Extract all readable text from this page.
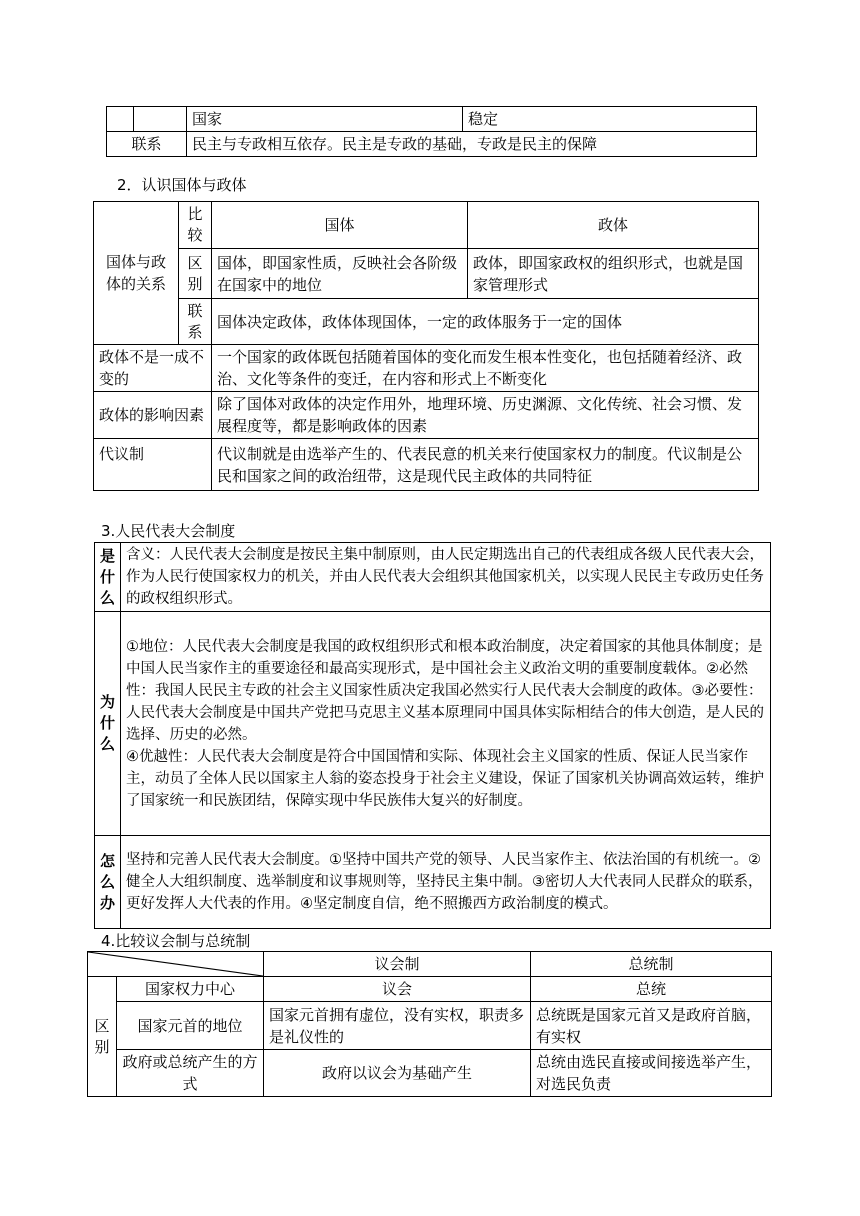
		国家	稳定
联系		民主与专政相互依存。民主是专政的基础，专政是民主的保障	
2．认识国体与政体
国体与政体的关系	比较	国体	政体
	区别	国体，即国家性质，反映社会各阶级在国家中的地位	政体，即国家政权的组织形式，也就是国家管理形式
	联系	国体决定政体，政体体现国体，一定的政体服务于一定的国体	
政体不是一成不变的		一个国家的政体既包括随着国体的变化而发生根本性变化，也包括随着经济、政治、文化等条件的变迁，在内容和形式上不断变化	
政体的影响因素		除了国体对政体的决定作用外，地理环境、历史渊源、文化传统、社会习惯、发展程度等，都是影响政体的因素	
代议制		代议制就是由选举产生的、代表民意的机关来行使国家权力的制度。代议制是公民和国家之间的政治纽带，这是现代民主政体的共同特征	
3.人民代表大会制度
是什么	含义：人民代表大会制度是按民主集中制原则，由人民定期选出自己的代表组成各级人民代表大会，作为人民行使国家权力的机关，并由人民代表大会组织其他国家机关，以实现人民民主专政历史任务的政权组织形式。
为什么	①地位：人民代表大会制度是我国的政权组织形式和根本政治制度，决定着国家的其他具体制度；是中国人民当家作主的重要途径和最高实现形式，是中国社会主义政治文明的重要制度载体。②必然性：我国人民民主专政的社会主义国家性质决定我国必然实行人民代表大会制度的政体。③必要性：人民代表大会制度是中国共产党把马克思主义基本原理同中国具体实际相结合的伟大创造，是人民的选择、历史的必然。
④优越性：人民代表大会制度是符合中国国情和实际、体现社会主义国家的性质、保证人民当家作主，动员了全体人民以国家主人翁的姿态投身于社会主义建设，保证了国家机关协调高效运转，维护了国家统一和民族团结，保障实现中华民族伟大复兴的好制度。

怎么办	坚持和完善人民代表大会制度。①坚持中国共产党的领导、人民当家作主、依法治国的有机统一。②健全人大组织制度、选举制度和议事规则等，坚持民主集中制。③密切人大代表同人民群众的联系，更好发挥人大代表的作用。④坚定制度自信，绝不照搬西方政治制度的模式。
4.比较议会制与总统制
	议会制	总统制
区别	国家权力中心	议会	总统
	国家元首的地位	国家元首拥有虚位，没有实权，职责多是礼仪性的	总统既是国家元首又是政府首脑，有实权
	政府或总统产生的方式	政府以议会为基础产生	总统由选民直接或间接选举产生，对选民负责
